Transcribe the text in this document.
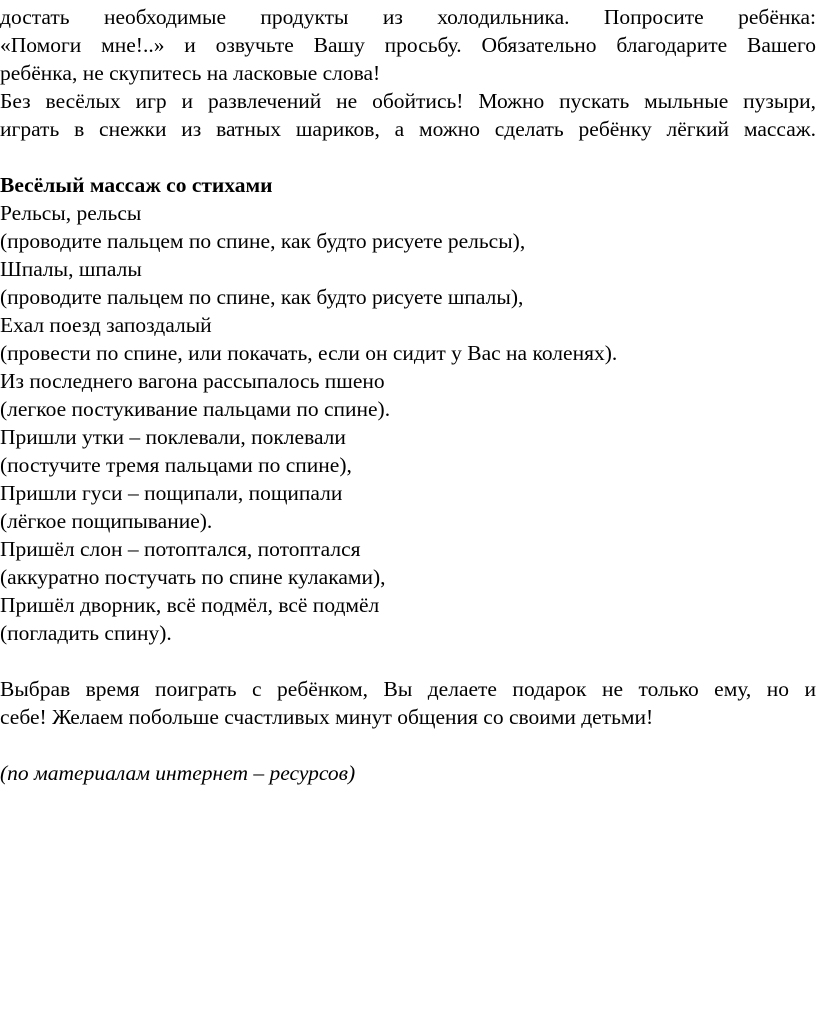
достать необходимые продукты из холодильника. Попросите ребёнка:
«Помоги мне!..» и озвучьте Вашу просьбу. Обязательно благодарите Вашего
ребёнка, не скупитесь на ласковые слова!
Без весёлых игр и развлечений не обойтись! Можно пускать мыльные пузыри,
играть в снежки из ватных шариков, а можно сделать ребёнку лёгкий массаж.
Весёлый массаж со стихами
Рельсы, рельсы
(проводите пальцем по спине, как будто рисуете рельсы),
Шпалы, шпалы
(проводите пальцем по спине, как будто рисуете шпалы),
Ехал поезд запоздалый
(провести по спине, или покачать, если он сидит у Вас на коленях).
Из последнего вагона рассыпалось пшено
(легкое постукивание пальцами по спине).
Пришли утки – поклевали, поклевали
(постучите тремя пальцами по спине),
Пришли гуси – пощипали, пощипали
(лёгкое пощипывание).
Пришёл слон – потоптался, потоптался
(аккуратно постучать по спине кулаками),
Пришёл дворник, всё подмёл, всё подмёл
(погладить спину).
Выбрав время поиграть с ребёнком, Вы делаете подарок не только ему, но и
себе! Желаем побольше счастливых минут общения со своими детьми!
(по материалам интернет – ресурсов)
